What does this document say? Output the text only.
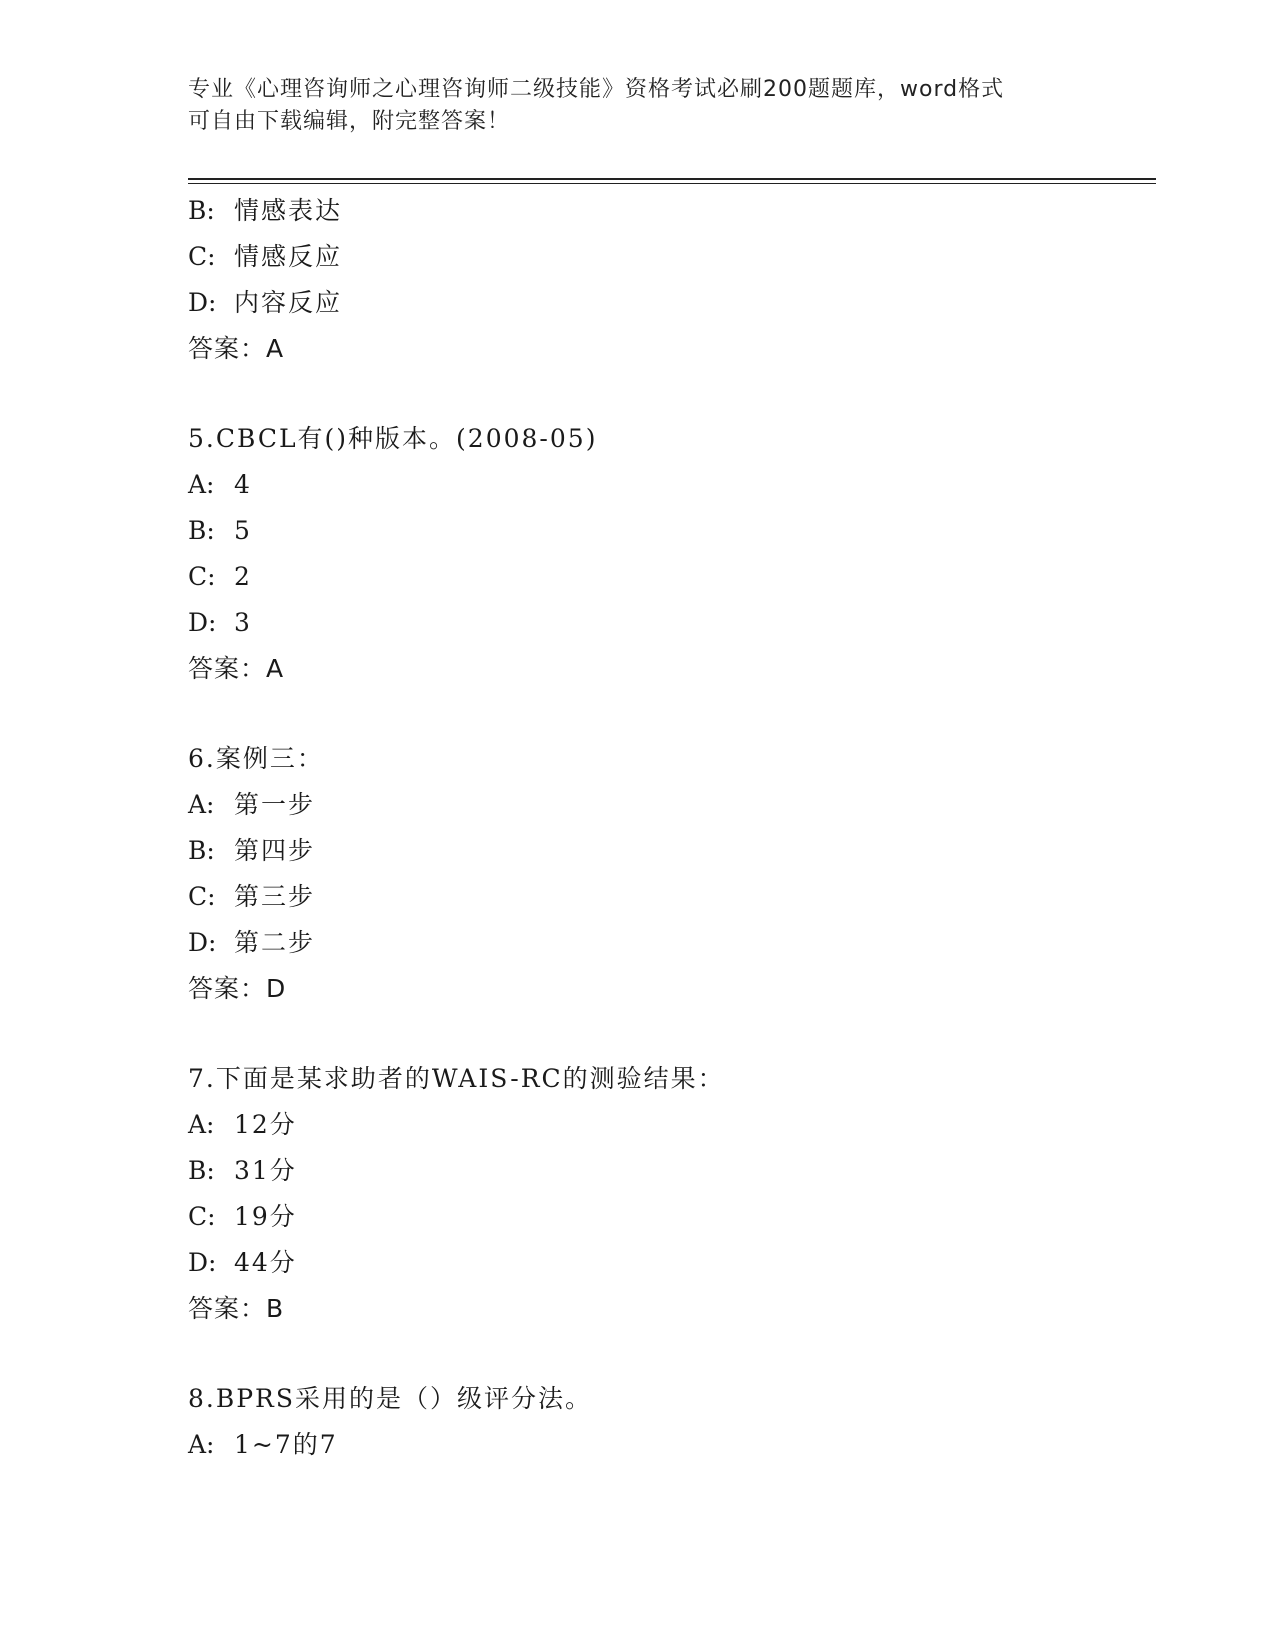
专业《心理咨询师之心理咨询师二级技能》资格考试必刷200题题库，word格式
可自由下载编辑，附完整答案！
B: 情感表达
C: 情感反应
D: 内容反应
答案：A
5.CBCL有()种版本。(2008-05)
A: 4
B: 5
C: 2
D: 3
答案：A
6.案例三：
A: 第一步
B: 第四步
C: 第三步
D: 第二步
答案：D
7.下面是某求助者的WAIS-RC的测验结果：
A: 12分
B: 31分
C: 19分
D: 44分
答案：B
8.BPRS采用的是（）级评分法。
A: 1~7的7
